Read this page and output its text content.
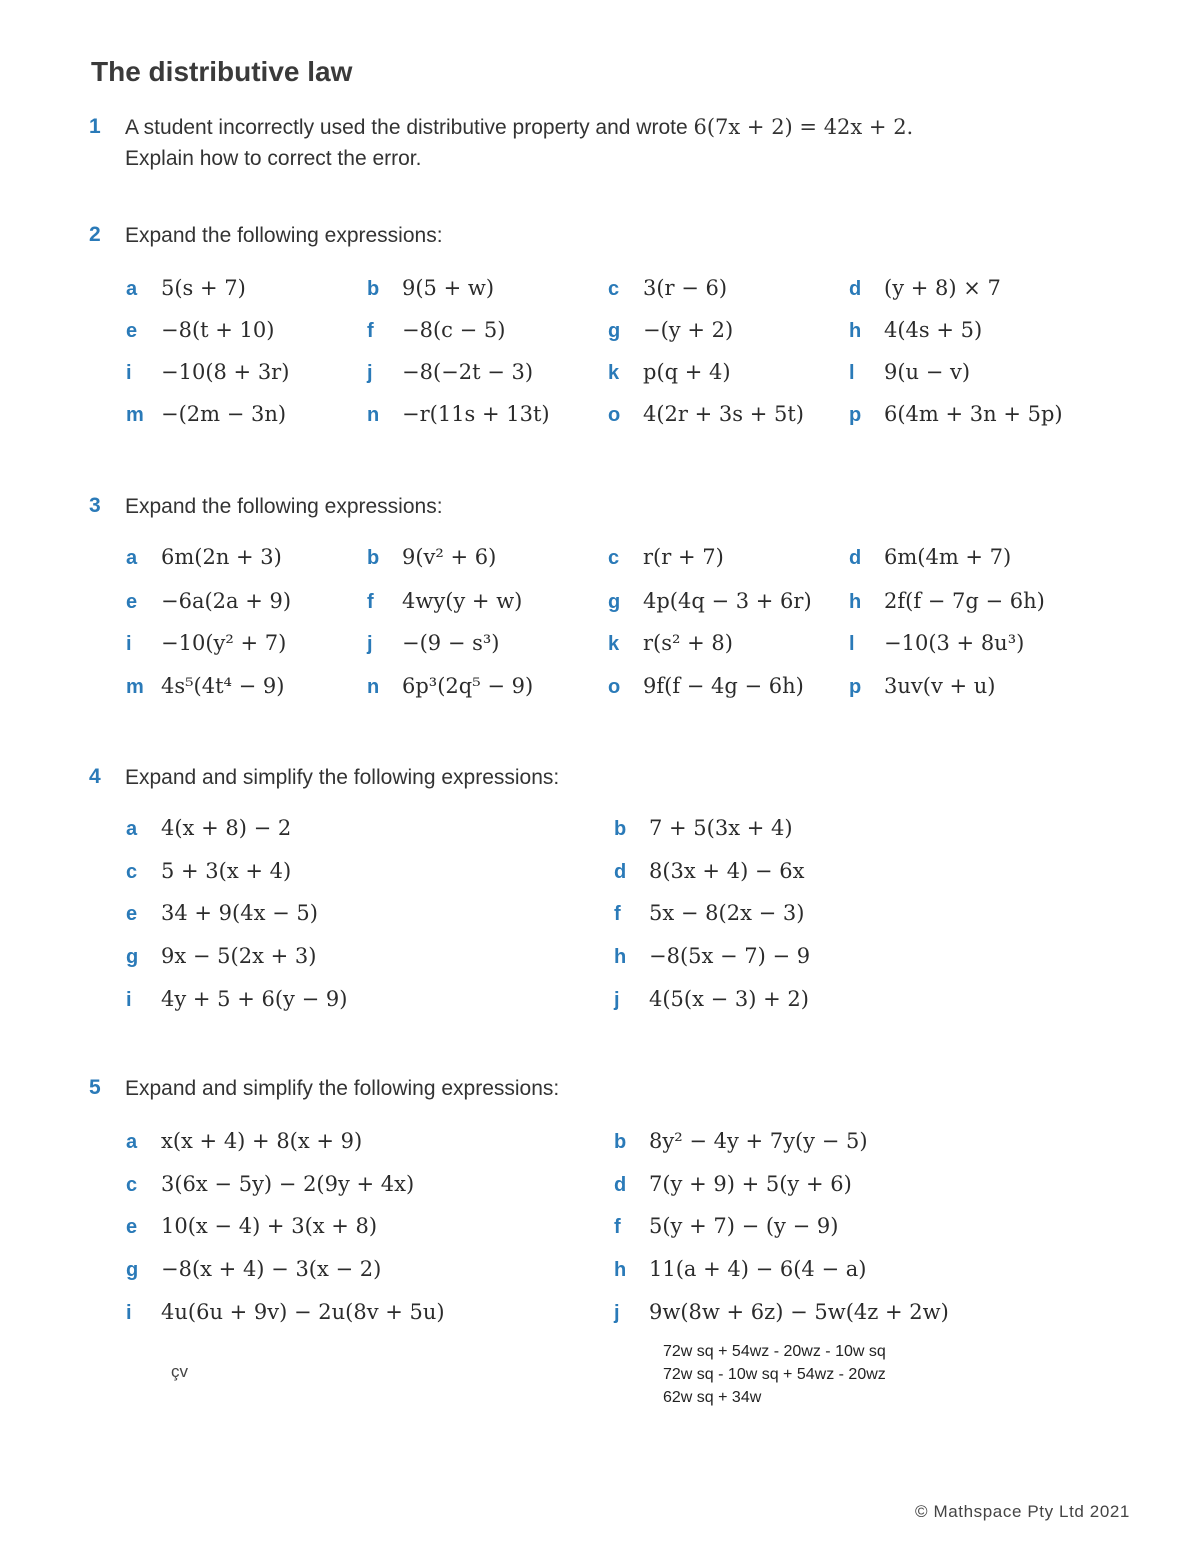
The distributive law
1 A student incorrectly used the distributive property and wrote 6(7x + 2) = 42x + 2.
Explain how to correct the error.
2 Expand the following expressions:
a	5(s + 7)	b	9(5 + w)	c	3(r − 6)	d	(y + 8) × 7
e	−8(t + 10)	f	−8(c − 5)	g	−(y + 2)	h	4(4s + 5)
i	−10(8 + 3r)	j	−8(−2t − 3)	k	p(q + 4)	l	9(u − v)
m −(2m − 3n)	n	−r(11s + 13t)	o	4(2r + 3s + 5t) p	6(4m + 3n + 5p)
3 Expand the following expressions:
a	6m(2n + 3)	b	9(v² + 6)	c	r(r + 7)	d	6m(4m + 7)
e	−6a(2a + 9)	f	4wy(y + w)	g	4p(4q − 3 + 6r) h	2f(f − 7g − 6h)
i	−10(y² + 7)	j	−(9 − s³)	k	r(s² + 8)	l	−10(3 + 8u³)
m 4s⁵(4t⁴ − 9)	n	6p³(2q⁵ − 9)	o	9f(f − 4g − 6h) p	3uv(v + u)
4 Expand and simplify the following expressions:
a	4(x + 8) − 2	b	7 + 5(3x + 4)
c	5 + 3(x + 4)	d	8(3x + 4) − 6x
e	34 + 9(4x − 5)	f	5x − 8(2x − 3)
g	9x − 5(2x + 3)	h	−8(5x − 7) − 9
i	4y + 5 + 6(y − 9)	j	4(5(x − 3) + 2)
5 Expand and simplify the following expressions:
a	x(x + 4) + 8(x + 9)	b	8y² − 4y + 7y(y − 5)
c	3(6x − 5y) − 2(9y + 4x)	d	7(y + 9) + 5(y + 6)
e	10(x − 4) + 3(x + 8)	f	5(y + 7) − (y − 9)
g	−8(x + 4) − 3(x − 2)	h	11(a + 4) − 6(4 − a)
i	4u(6u + 9v) − 2u(8v + 5u)	j	9w(8w + 6z) − 5w(4z + 2w)
çv
72w sq + 54wz - 20wz - 10w sq
72w sq - 10w sq + 54wz - 20wz
62w sq + 34w
© Mathspace Pty Ltd 2021
